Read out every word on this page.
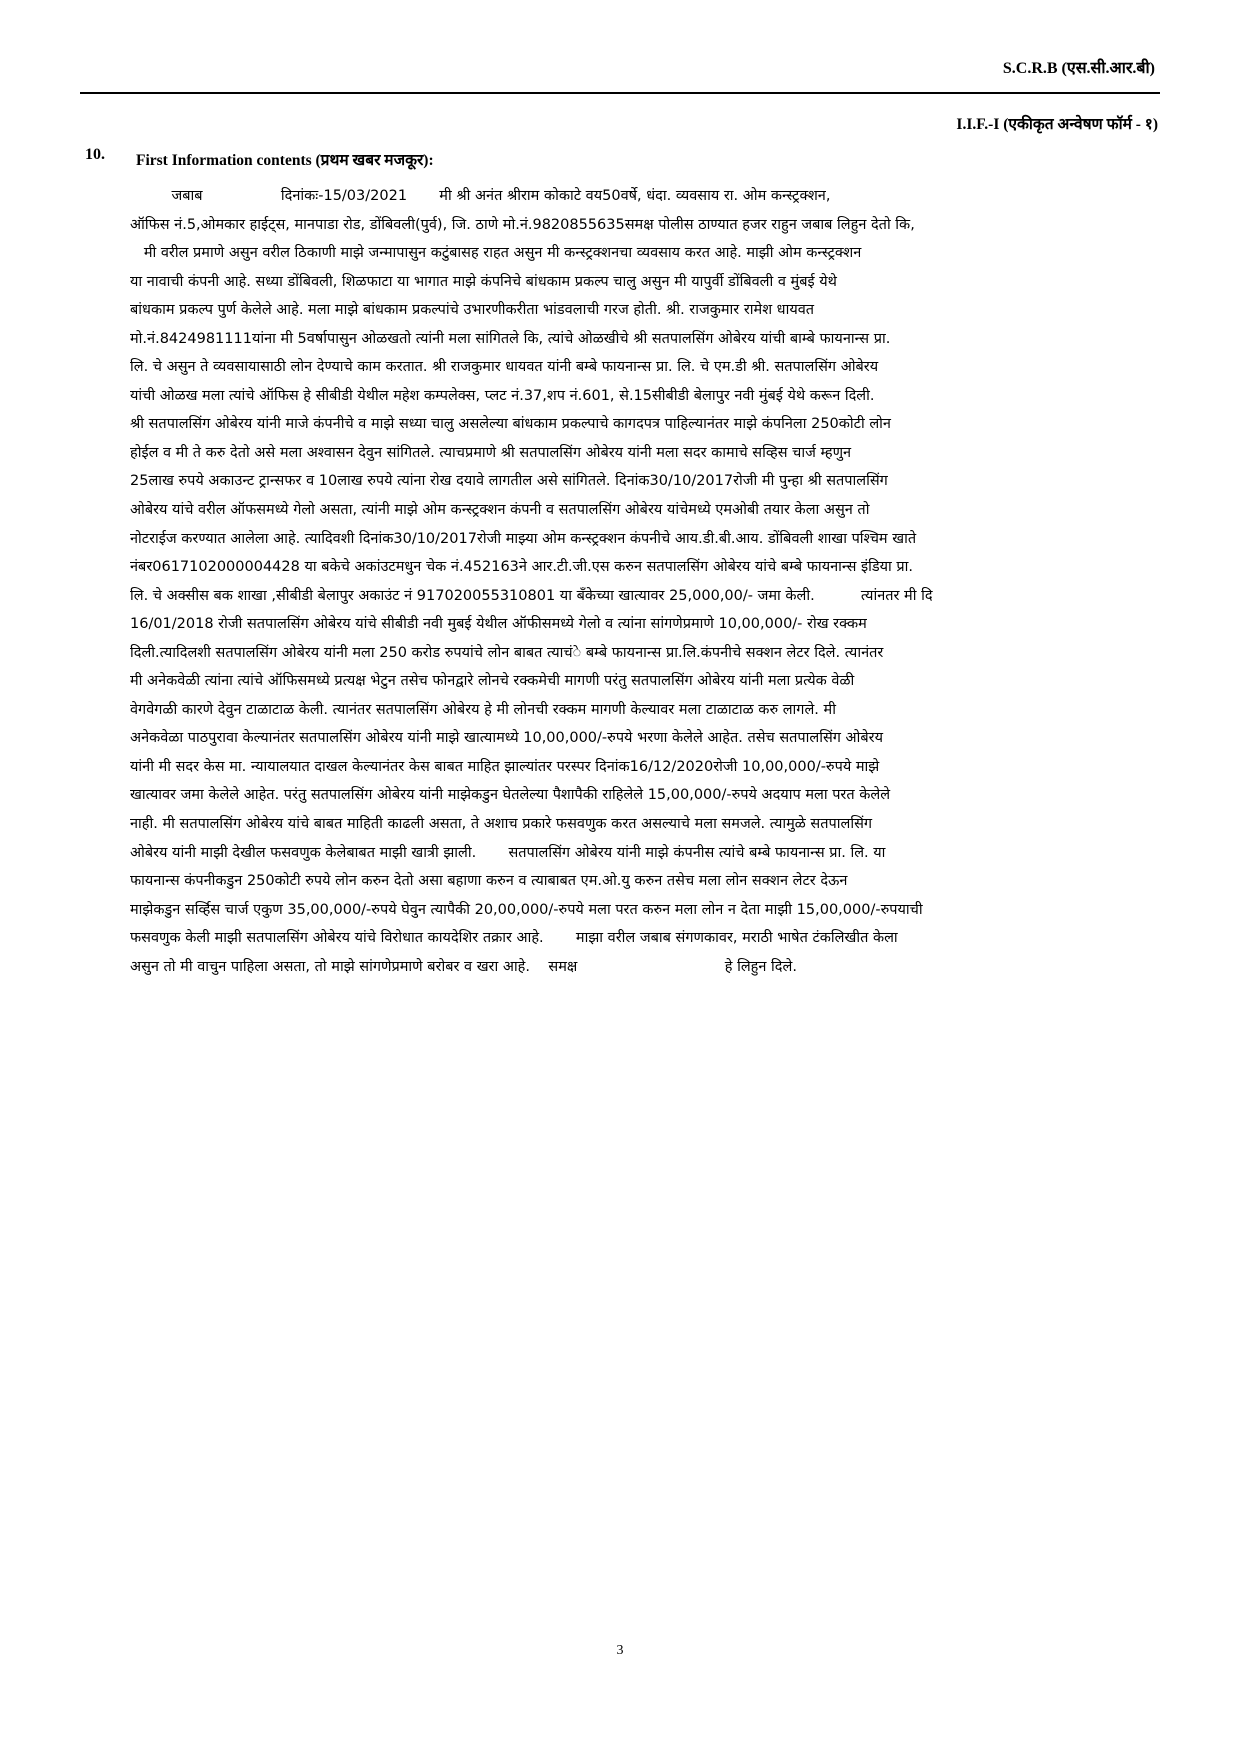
S.C.R.B (एस.सी.आर.बी)
I.I.F.-I (एकीकृत अन्वेषण फॉर्म - १)
10. First Information contents (प्रथम खबर मजकूर):
जबाब                 दिनांकः-15/03/2021       मी श्री अनंत श्रीराम कोकाटे वय50वर्षे, धंदा. व्यवसाय रा. ओम कन्स्ट्रक्शन,
ऑफिस नं.5,ओमकार हाईट्स, मानपाडा रोड, डोंबिवली(पुर्व), जि. ठाणे मो.नं.9820855635समक्ष पोलीस ठाण्यात हजर राहुन जबाब लिहुन देतो कि,
मी वरील प्रमाणे असुन वरील ठिकाणी माझे जन्मापासुन कटुंबासह राहत असुन मी कन्स्ट्रक्शनचा व्यवसाय करत आहे. माझी ओम कन्स्ट्रक्शन
या नावाची कंपनी आहे. सध्या डोंबिवली, शिळफाटा या भागात माझे कंपनिचे बांधकाम प्रकल्प चालु असुन मी यापुर्वी डोंबिवली व मुंबई येथे
बांधकाम प्रकल्प पुर्ण केलेले आहे. मला माझे बांधकाम प्रकल्पांचे उभारणीकरीता भांडवलाची गरज होती. श्री. राजकुमार रामेश धायवत
मो.नं.8424981111यांना मी 5वर्षापासुन ओळखतो त्यांनी मला सांगितले कि, त्यांचे ओळखीचे श्री सतपालसिंग ओबेरय यांची बाम्बे फायनान्स प्रा.
लि. चे असुन ते व्यवसायासाठी लोन देण्याचे काम करतात. श्री राजकुमार धायवत यांनी बम्बे फायनान्स प्रा. लि. चे एम.डी श्री. सतपालसिंग ओबेरय
यांची ओळख मला त्यांचे ऑफिस हे सीबीडी येथील महेश कम्पलेक्स, प्लट नं.37,शप नं.601, से.15सीबीडी बेलापुर नवी मुंबई येथे करून दिली.
श्री सतपालसिंग ओबेरय यांनी माजे कंपनीचे व माझे सध्या चालु असलेल्या बांधकाम प्रकल्पाचे कागदपत्र पाहिल्यानंतर माझे कंपनिला 250कोटी लोन
होईल व मी ते करु देतो असे मला अश्वासन देवुन सांगितले. त्याचप्रमाणे श्री सतपालसिंग ओबेरय यांनी मला सदर कामाचे सव्हिस चार्ज म्हणुन
25लाख रुपये अकाउन्ट ट्रान्सफर व 10लाख रुपये त्यांना रोख दयावे लागतील असे सांगितले. दिनांक30/10/2017रोजी मी पुन्हा श्री सतपालसिंग
ओबेरय यांचे वरील ऑफसमध्ये गेलो असता, त्यांनी माझे ओम कन्स्ट्रक्शन कंपनी व सतपालसिंग ओबेरय यांचेमध्ये एमओबी तयार केला असुन तो
नोटराईज करण्यात आलेला आहे. त्यादिवशी दिनांक30/10/2017रोजी माझ्या ओम कन्स्ट्रक्शन कंपनीचे आय.डी.बी.आय. डोंबिवली शाखा पश्चिम खाते
नंबर0617102000004428 या बकेचे अकांउटमधुन चेक नं.452163ने आर.टी.जी.एस करुन सतपालसिंग ओबेरय यांचे बम्बे फायनान्स इंडिया प्रा.
लि. चे अक्सीस बक शाखा ,सीबीडी बेलापुर अकाउंट नं 917020055310801 या बँकेच्या खात्यावर 25,000,00/- जमा केली.          त्यांनतर मी दि
16/01/2018 रोजी सतपालसिंग ओबेरय यांचे सीबीडी नवी मुबई येथील ऑफीसमध्ये गेलो व त्यांना सांगणेप्रमाणे 10,00,000/- रोख रक्कम
दिली.त्यादिलशी सतपालसिंग ओबेरय यांनी मला 250 करोड रुपयांचे लोन बाबत त्याचंे बम्बे फायनान्स प्रा.लि.कंपनीचे सक्शन लेटर दिले. त्यानंतर
मी अनेकवेळी त्यांना त्यांचे ऑफिसमध्ये प्रत्यक्ष भेटुन तसेच फोनद्वारे लोनचे रक्कमेची मागणी परंतु सतपालसिंग ओबेरय यांनी मला प्रत्येक वेळी
वेगवेगळी कारणे देवुन टाळाटाळ केली. त्यानंतर सतपालसिंग ओबेरय हे मी लोनची रक्कम मागणी केल्यावर मला टाळाटाळ करु लागले. मी
अनेकवेळा पाठपुरावा केल्यानंतर सतपालसिंग ओबेरय यांनी माझे खात्यामध्ये 10,00,000/-रुपये भरणा केलेले आहेत. तसेच सतपालसिंग ओबेरय
यांनी मी सदर केस मा. न्यायालयात दाखल केल्यानंतर केस बाबत माहित झाल्यांतर परस्पर दिनांक16/12/2020रोजी 10,00,000/-रुपये माझे
खात्यावर जमा केलेले आहेत. परंतु सतपालसिंग ओबेरय यांनी माझेकडुन घेतलेल्या पैशापैकी राहिलेले 15,00,000/-रुपये अदयाप मला परत केलेले
नाही. मी सतपालसिंग ओबेरय यांचे बाबत माहिती काढली असता, ते अशाच प्रकारे फसवणुक करत असल्याचे मला समजले. त्यामुळे सतपालसिंग
ओबेरय यांनी माझी देखील फसवणुक केलेबाबत माझी खात्री झाली.       सतपालसिंग ओबेरय यांनी माझे कंपनीस त्यांचे बम्बे फायनान्स प्रा. लि. या
फायनान्स कंपनीकडुन 250कोटी रुपये लोन करुन देतो असा बहाणा करुन व त्याबाबत एम.ओ.यु करुन तसेच मला लोन सक्शन लेटर देऊन
माझेकडुन सर्व्हिस चार्ज एकुण 35,00,000/-रुपये घेवुन त्यापैकी 20,00,000/-रुपये मला परत करुन मला लोन न देता माझी 15,00,000/-रुपयाची
फसवणुक केली माझी सतपालसिंग ओबेरय यांचे विरोधात कायदेशिर तक्रार आहे.       माझा वरील जबाब संगणकावर, मराठी भाषेत टंकलिखीत केला
असुन तो मी वाचुन पाहिला असता, तो माझे सांगणेप्रमाणे बरोबर व खरा आहे.    समक्ष                                हे लिहुन दिले.
3
